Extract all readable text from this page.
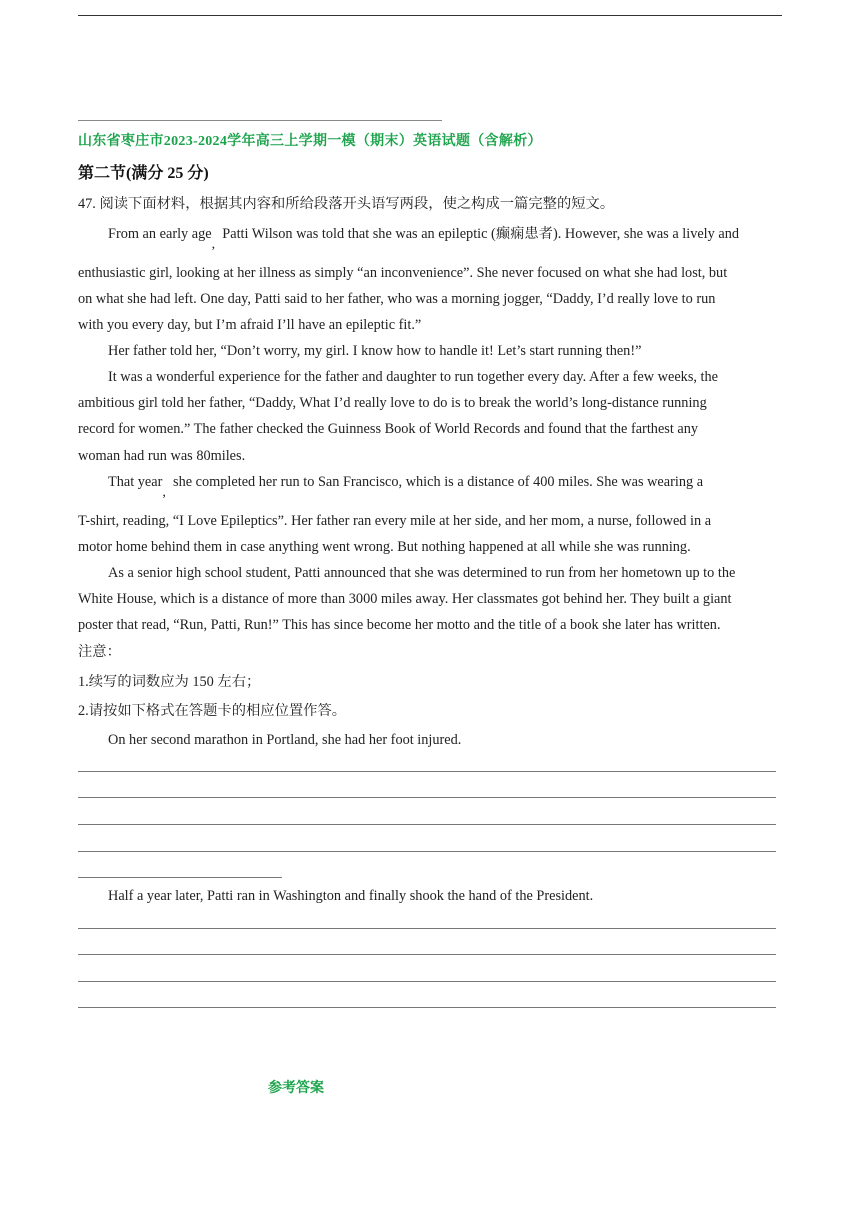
山东省枣庄市2023-2024学年高三上学期一模（期末）英语试题（含解析）
第二节(满分 25 分)
47. 阅读下面材料，根据其内容和所给段落开头语写两段，使之构成一篇完整的短文。
From an early age,  Patti Wilson was told that she was an epileptic (癫痫患者). However, she was a lively and
enthusiastic girl, looking at her illness as simply “an inconvenience”. She never focused on what she had lost, but
on what she had left. One day, Patti said to her father, who was a morning jogger, “Daddy, I’d really love to run
with you every day, but I’m afraid I’ll have an epileptic fit.”
Her father told her, “Don’t worry, my girl. I know how to handle it! Let’s start running then!”
It was a wonderful experience for the father and daughter to run together every day. After a few weeks, the
ambitious girl told her father, “Daddy, What I’d really love to do is to break the world’s long-distance running
record for women.” The father checked the Guinness Book of World Records and found that the farthest any
woman had run was 80miles.
That year,  she completed her run to San Francisco, which is a distance of 400 miles. She was wearing a
T-shirt, reading, “I Love Epileptics”. Her father ran every mile at her side, and her mom, a nurse, followed in a
motor home behind them in case anything went wrong. But nothing happened at all while she was running.
As a senior high school student, Patti announced that she was determined to run from her hometown up to the
White House, which is a distance of more than 3000 miles away. Her classmates got behind her. They built a giant
poster that read, “Run, Patti, Run!” This has since become her motto and the title of a book she later has written.
注意：
1.续写的词数应为 150 左右；
2.请按如下格式在答题卡的相应位置作答。
On her second marathon in Portland, she had her foot injured.
Half a year later, Patti ran in Washington and finally shook the hand of the President.
参考答案
